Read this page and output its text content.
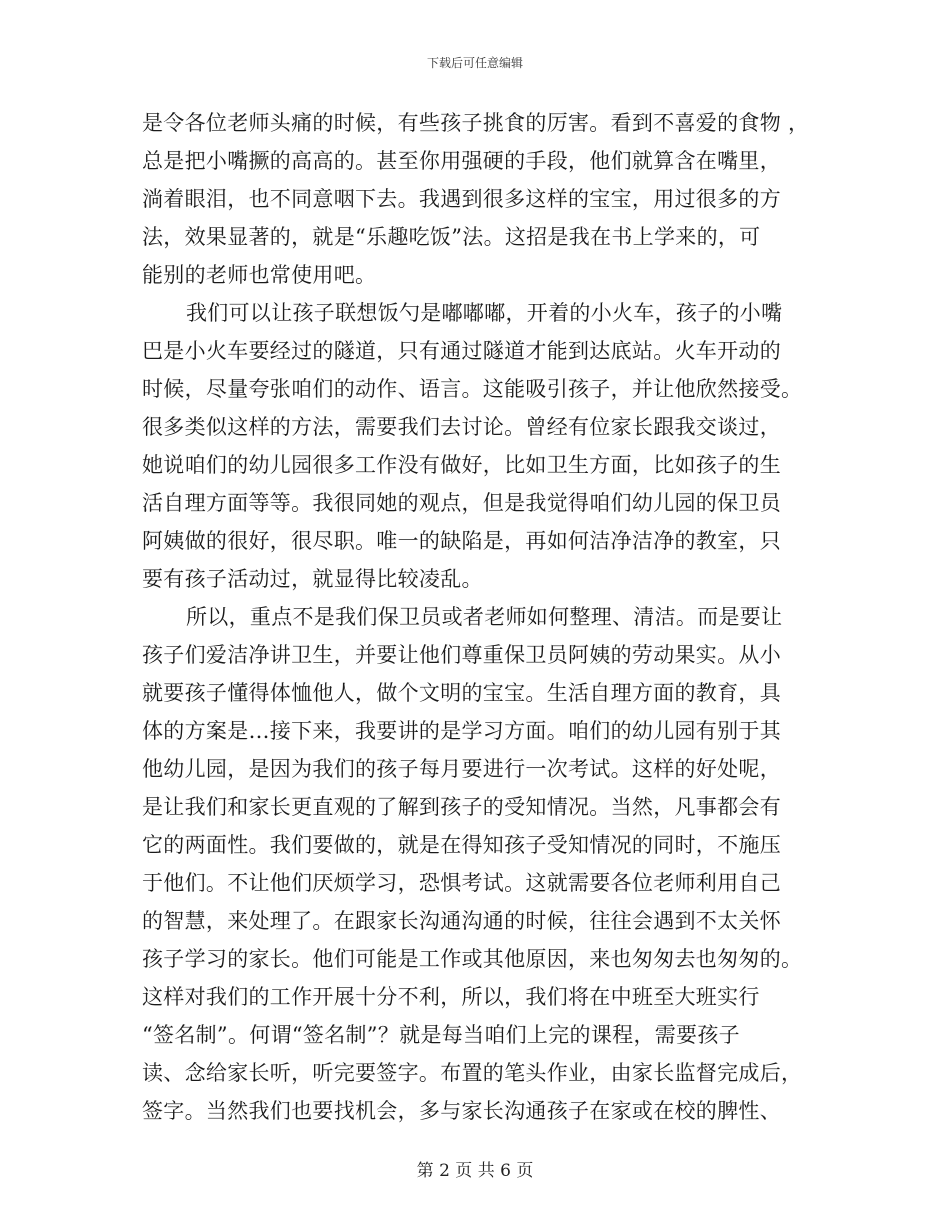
下载后可任意编辑
是令各位老师头痛的时候，有些孩子挑食的厉害。看到不喜爱的食物 ，
总是把小嘴撅的高高的。甚至你用强硬的手段，他们就算含在嘴里，
淌着眼泪，也不同意咽下去。我遇到很多这样的宝宝，用过很多的方
法，效果显著的，就是“乐趣吃饭”法。这招是我在书上学来的，可
能别的老师也常使用吧。
我们可以让孩子联想饭勺是嘟嘟嘟，开着的小火车，孩子的小嘴
巴是小火车要经过的隧道，只有通过隧道才能到达底站。火车开动的
时候，尽量夸张咱们的动作、语言。这能吸引孩子，并让他欣然接受。
很多类似这样的方法，需要我们去讨论。曾经有位家长跟我交谈过，
她说咱们的幼儿园很多工作没有做好，比如卫生方面，比如孩子的生
活自理方面等等。我很同她的观点，但是我觉得咱们幼儿园的保卫员
阿姨做的很好，很尽职。唯一的缺陷是，再如何洁净洁净的教室，只
要有孩子活动过，就显得比较凌乱。
所以，重点不是我们保卫员或者老师如何整理、清洁。而是要让
孩子们爱洁净讲卫生，并要让他们尊重保卫员阿姨的劳动果实。从小
就要孩子懂得体恤他人，做个文明的宝宝。生活自理方面的教育，具
体的方案是…接下来，我要讲的是学习方面。咱们的幼儿园有别于其
他幼儿园，是因为我们的孩子每月要进行一次考试。这样的好处呢，
是让我们和家长更直观的了解到孩子的受知情况。当然，凡事都会有
它的两面性。我们要做的，就是在得知孩子受知情况的同时，不施压
于他们。不让他们厌烦学习，恐惧考试。这就需要各位老师利用自己
的智慧，来处理了。在跟家长沟通沟通的时候，往往会遇到不太关怀
孩子学习的家长。他们可能是工作或其他原因，来也匆匆去也匆匆的。
这样对我们的工作开展十分不利，所以，我们将在中班至大班实行
“签名制”。何谓“签名制”？就是每当咱们上完的课程，需要孩子
读、念给家长听，听完要签字。布置的笔头作业，由家长监督完成后，
签字。当然我们也要找机会，多与家长沟通孩子在家或在校的脾性、
第 2 页 共 6 页
